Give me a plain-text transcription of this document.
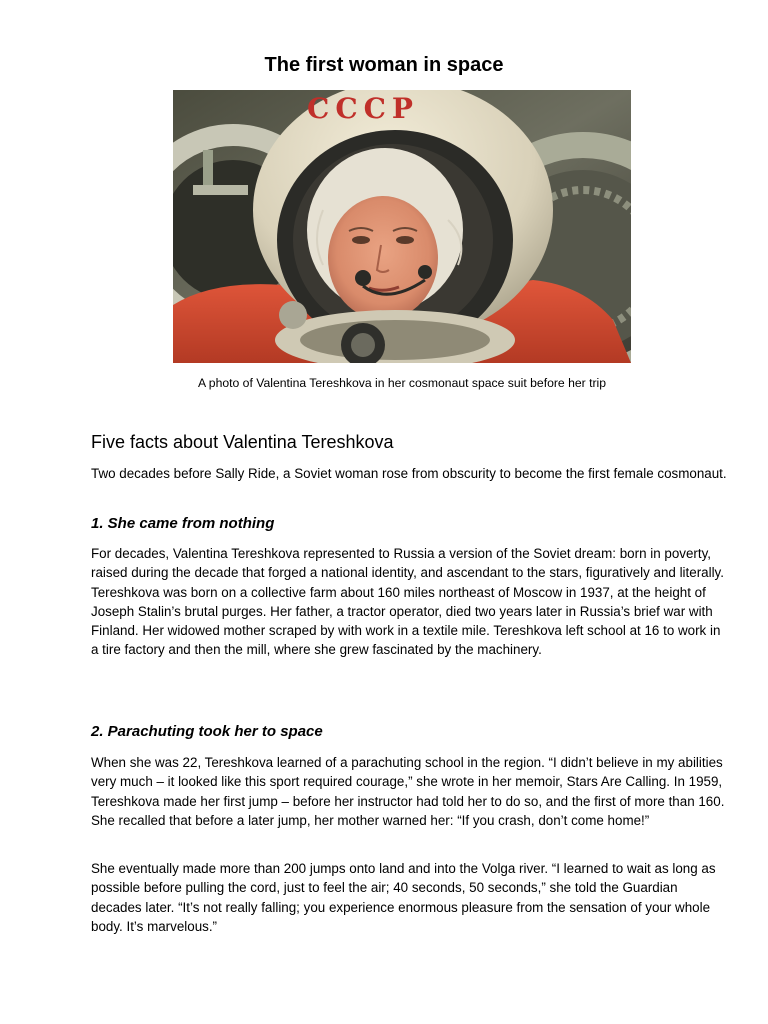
The first woman in space
CCCP
A photo of Valentina Tereshkova in her cosmonaut space suit before her trip
Five facts about Valentina Tereshkova

Two decades before Sally Ride, a Soviet woman rose from obscurity to become the first female cosmonaut.

1. She came from nothing

For decades, Valentina Tereshkova represented to Russia a version of the Soviet dream: born in poverty, raised during the decade that forged a national identity, and ascendant to the stars, figuratively and literally. Tereshkova was born on a collective farm about 160 miles northeast of Moscow in 1937, at the height of Joseph Stalin’s brutal purges. Her father, a tractor operator, died two years later in Russia’s brief war with Finland. Her widowed mother scraped by with work in a textile mile. Tereshkova left school at 16 to work in a tire factory and then the mill, where she grew fascinated by the machinery.

2. Parachuting took her to space

When she was 22, Tereshkova learned of a parachuting school in the region. “I didn’t believe in my abilities very much – it looked like this sport required courage,” she wrote in her memoir, Stars Are Calling. In 1959, Tereshkova made her first jump – before her instructor had told her to do so, and the first of more than 160. She recalled that before a later jump, her mother warned her: “If you crash, don’t come home!”

She eventually made more than 200 jumps onto land and into the Volga river. “I learned to wait as long as possible before pulling the cord, just to feel the air; 40 seconds, 50 seconds,” she told the Guardian decades later. “It’s not really falling; you experience enormous pleasure from the sensation of your whole body. It’s marvelous.”
